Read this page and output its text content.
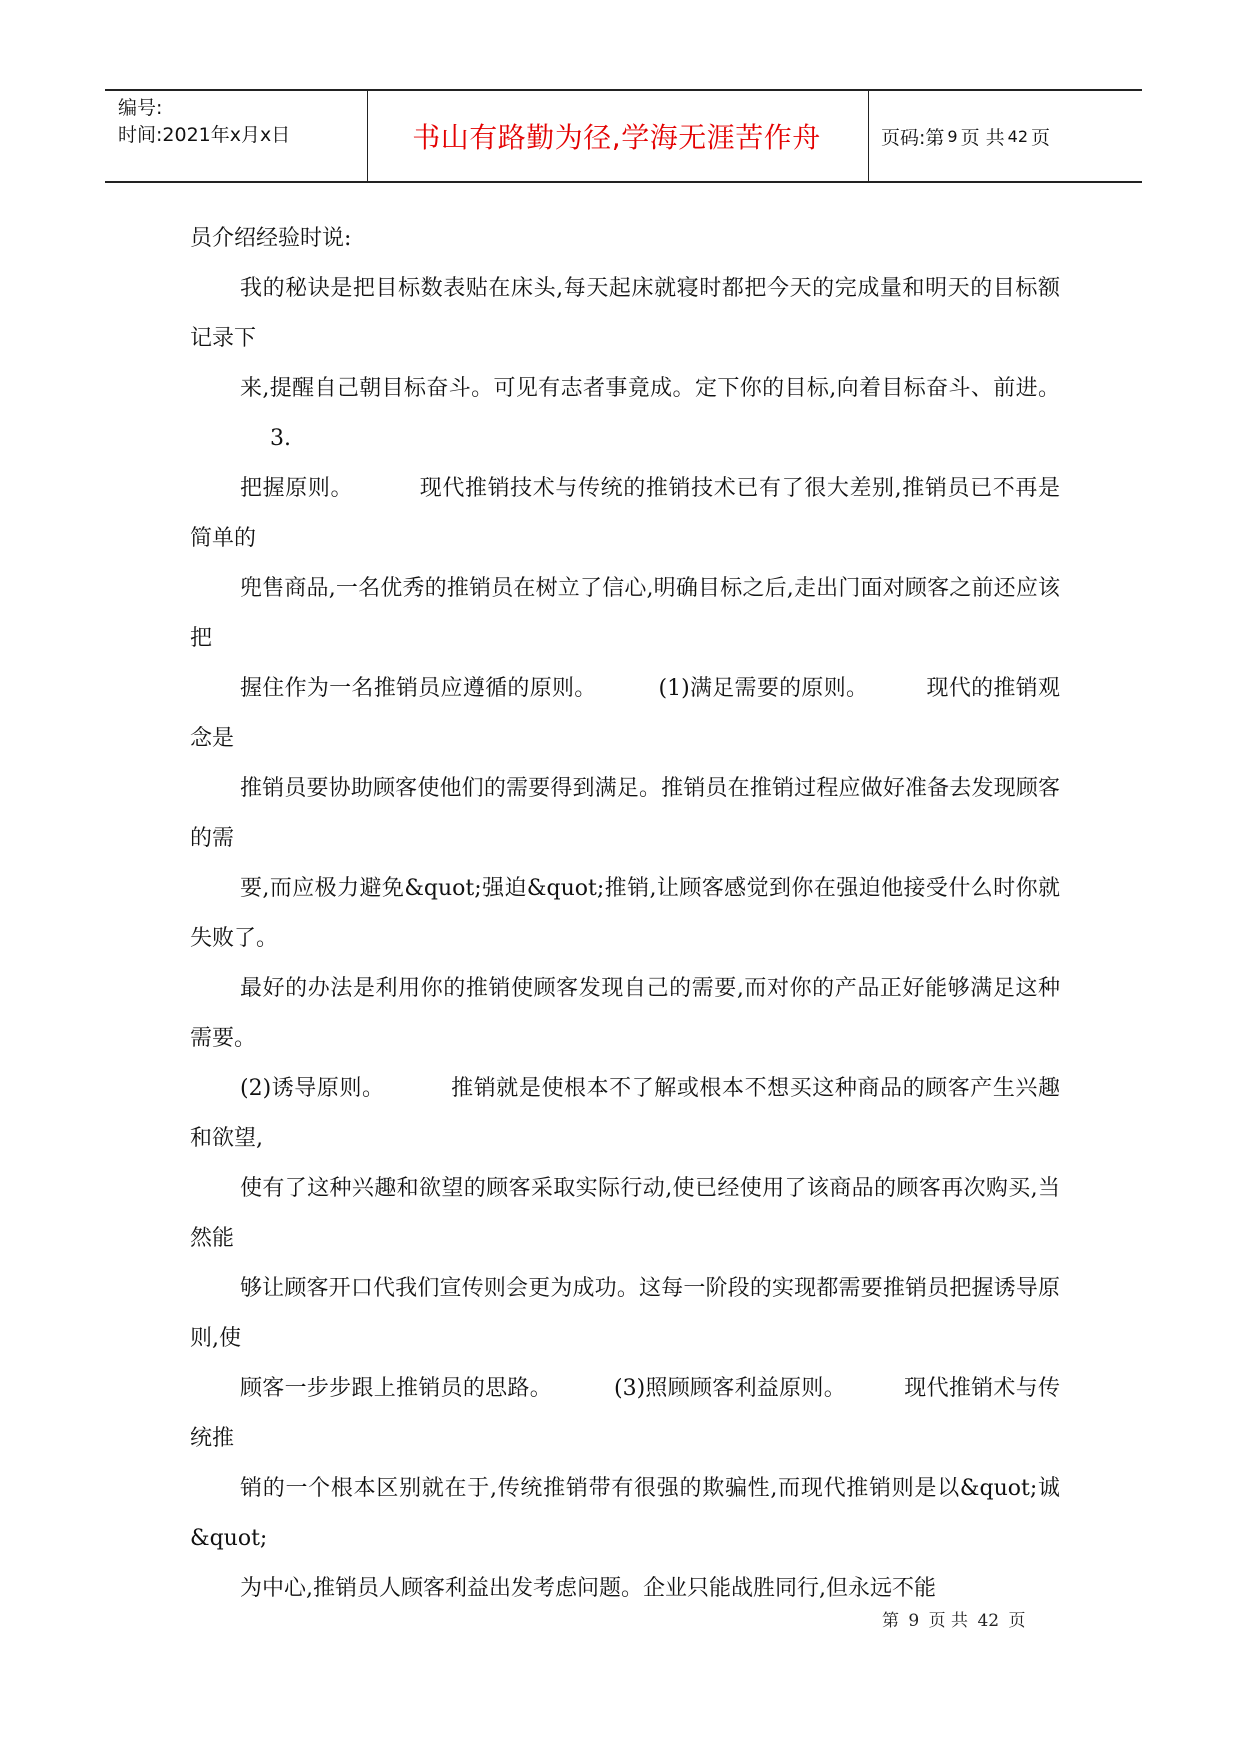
编号:
时间:2021年x月x日	书山有路勤为径,学海无涯苦作舟	页码:第 9 页 共 42 页

员介绍经验时说:

我的秘诀是把目标数表贴在床头,每天起床就寝时都把今天的完成量和明天的目标额记录下

来,提醒自己朝目标奋斗。可见有志者事竟成。定下你的目标,向着目标奋斗、前进。3.

把握原则。	现代推销技术与传统的推销技术已有了很大差别,推销员已不再是简单的

兜售商品,一名优秀的推销员在树立了信心,明确目标之后,走出门面对顾客之前还应该把

握住作为一名推销员应遵循的原则。	(1)满足需要的原则。	现代的推销观念是

推销员要协助顾客使他们的需要得到满足。推销员在推销过程应做好准备去发现顾客的需

要,而应极力避免&quot;强迫&quot;推销,让顾客感觉到你在强迫他接受什么时你就失败了。

最好的办法是利用你的推销使顾客发现自己的需要,而对你的产品正好能够满足这种需要。

(2)诱导原则。	推销就是使根本不了解或根本不想买这种商品的顾客产生兴趣和欲望,

使有了这种兴趣和欲望的顾客采取实际行动,使已经使用了该商品的顾客再次购买,当然能

够让顾客开口代我们宣传则会更为成功。这每一阶段的实现都需要推销员把握诱导原则,使

顾客一步步跟上推销员的思路。	(3)照顾顾客利益原则。	现代推销术与传统推

销的一个根本区别就在于,传统推销带有很强的欺骗性,而现代推销则是以&quot;诚&quot;

为中心,推销员人顾客利益出发考虑问题。企业只能战胜同行,但永远不能

第 9 页 共 42 页
